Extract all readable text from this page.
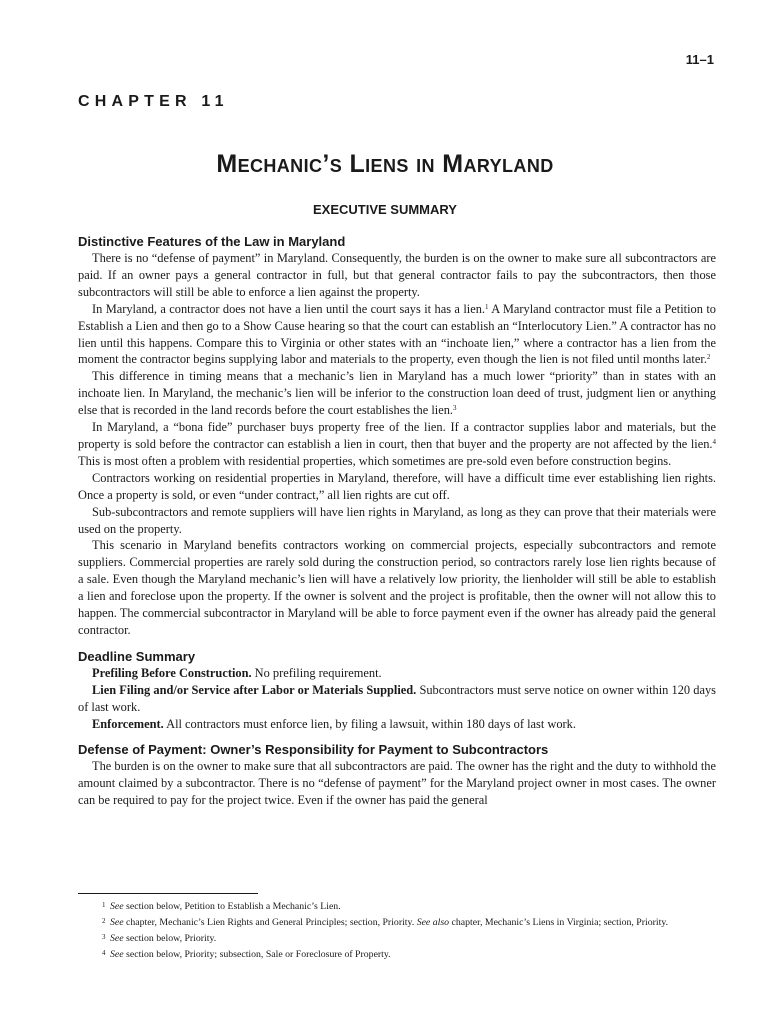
11–1
CHAPTER 11
Mechanic’s Liens in Maryland
EXECUTIVE SUMMARY
Distinctive Features of the Law in Maryland

There is no “defense of payment” in Maryland. Consequently, the burden is on the owner to make sure all subcontractors are paid. If an owner pays a general contractor in full, but that general contractor fails to pay the subcontractors, then those subcontractors will still be able to enforce a lien against the property.

In Maryland, a contractor does not have a lien until the court says it has a lien.$^1$ A Maryland contractor must file a Petition to Establish a Lien and then go to a Show Cause hearing so that the court can establish an “Interlocutory Lien.” A contractor has no lien until this happens. Compare this to Virginia or other states with an “inchoate lien,” where a contractor has a lien from the moment the contractor begins supplying labor and materials to the property, even though the lien is not filed until months later.$^2$

This difference in timing means that a mechanic’s lien in Maryland has a much lower “priority” than in states with an inchoate lien. In Maryland, the mechanic’s lien will be inferior to the construction loan deed of trust, judgment lien or anything else that is recorded in the land records before the court establishes the lien.$^3$

In Maryland, a “bona fide” purchaser buys property free of the lien. If a contractor supplies labor and materials, but the property is sold before the contractor can establish a lien in court, then that buyer and the property are not affected by the lien.$^4$ This is most often a problem with residential properties, which sometimes are pre-sold even before construction begins.

Contractors working on residential properties in Maryland, therefore, will have a difficult time ever establishing lien rights. Once a property is sold, or even “under contract,” all lien rights are cut off.

Sub-subcontractors and remote suppliers will have lien rights in Maryland, as long as they can prove that their materials were used on the property.

This scenario in Maryland benefits contractors working on commercial projects, especially subcontractors and remote suppliers. Commercial properties are rarely sold during the construction period, so contractors rarely lose lien rights because of a sale. Even though the Maryland mechanic’s lien will have a relatively low priority, the lienholder will still be able to establish a lien and foreclose upon the property. If the owner is solvent and the project is profitable, then the owner will not allow this to happen. The commercial subcontractor in Maryland will be able to force payment even if the owner has already paid the general contractor.

Deadline Summary

Prefiling Before Construction. No prefiling requirement.

Lien Filing and/or Service after Labor or Materials Supplied. Subcontractors must serve notice on owner within 120 days of last work.

Enforcement. All contractors must enforce lien, by filing a lawsuit, within 180 days of last work.

Defense of Payment: Owner’s Responsibility for Payment to Subcontractors

The burden is on the owner to make sure that all subcontractors are paid. The owner has the right and the duty to withhold the amount claimed by a subcontractor. There is no “defense of payment” for the Maryland project owner in most cases. The owner can be required to pay for the project twice. Even if the owner has paid the general

1 See section below, Petition to Establish a Mechanic’s Lien.

2 See chapter, Mechanic’s Lien Rights and General Principles; section, Priority. See also chapter, Mechanic’s Liens in Virginia; section, Priority.

3 See section below, Priority.

4 See section below, Priority; subsection, Sale or Foreclosure of Property.
